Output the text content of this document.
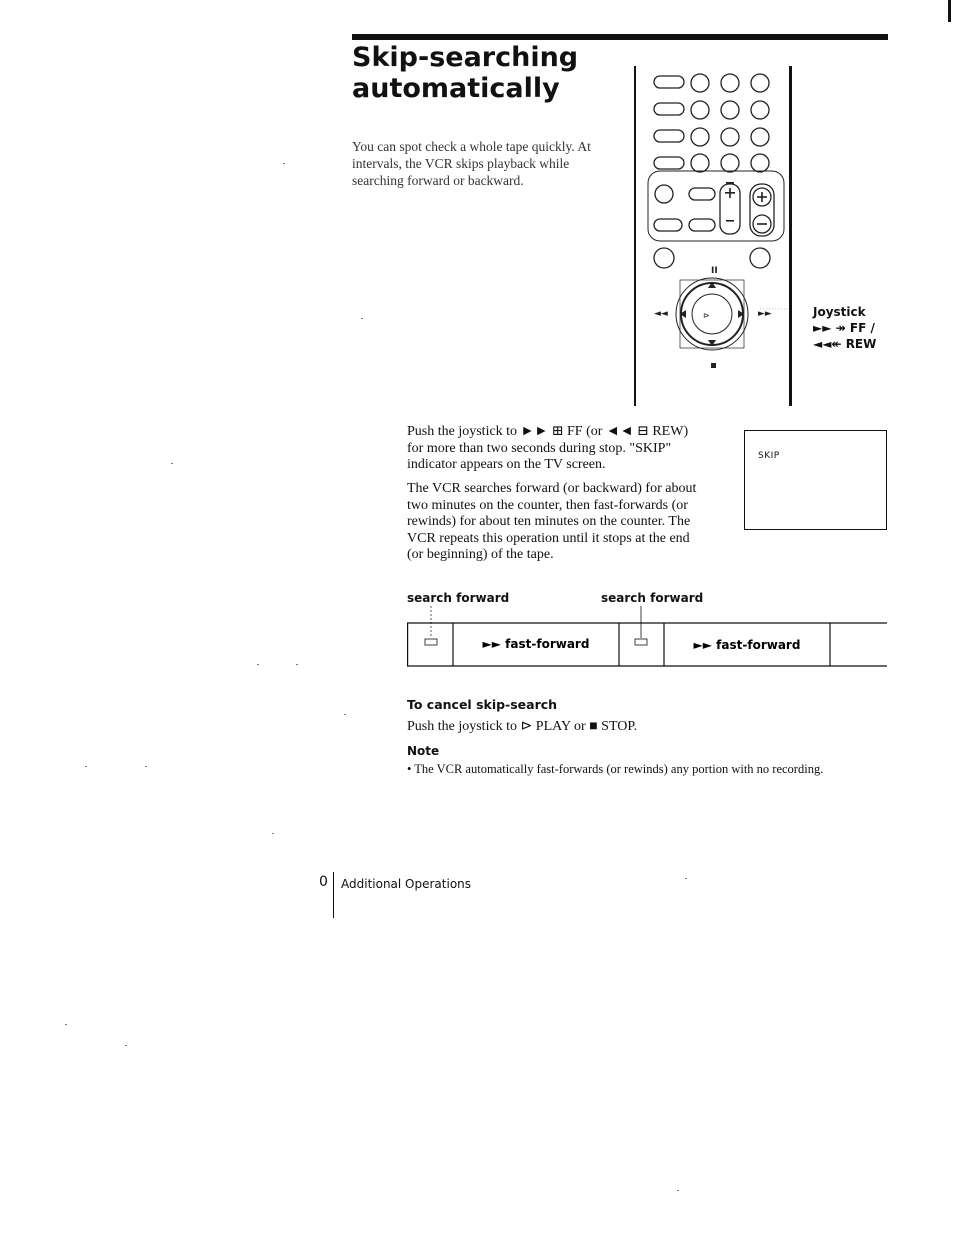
Skip-searching automatically
You can spot check a whole tape quickly. At intervals, the VCR skips playback while searching forward or backward.
⊳
II
◄◄	►►	Joystick
►► ↠ FF /
◄◄↞ REW
Push the joystick to ►► ⊞ FF (or ◄◄ ⊟ REW) for more than two seconds during stop. "SKIP" indicator appears on the TV screen.
The VCR searches forward (or backward) for about two minutes on the counter, then fast-forwards (or rewinds) for about ten minutes on the counter. The VCR repeats this operation until it stops at the end (or beginning) of the tape.
SKIP
search forward	search forward
►► fast-forward	►► fast-forward
To cancel skip-search
Push the joystick to ⊳ PLAY or ■ STOP.
Note
• The VCR automatically fast-forwards (or rewinds) any portion with no recording.
0 Additional Operations
